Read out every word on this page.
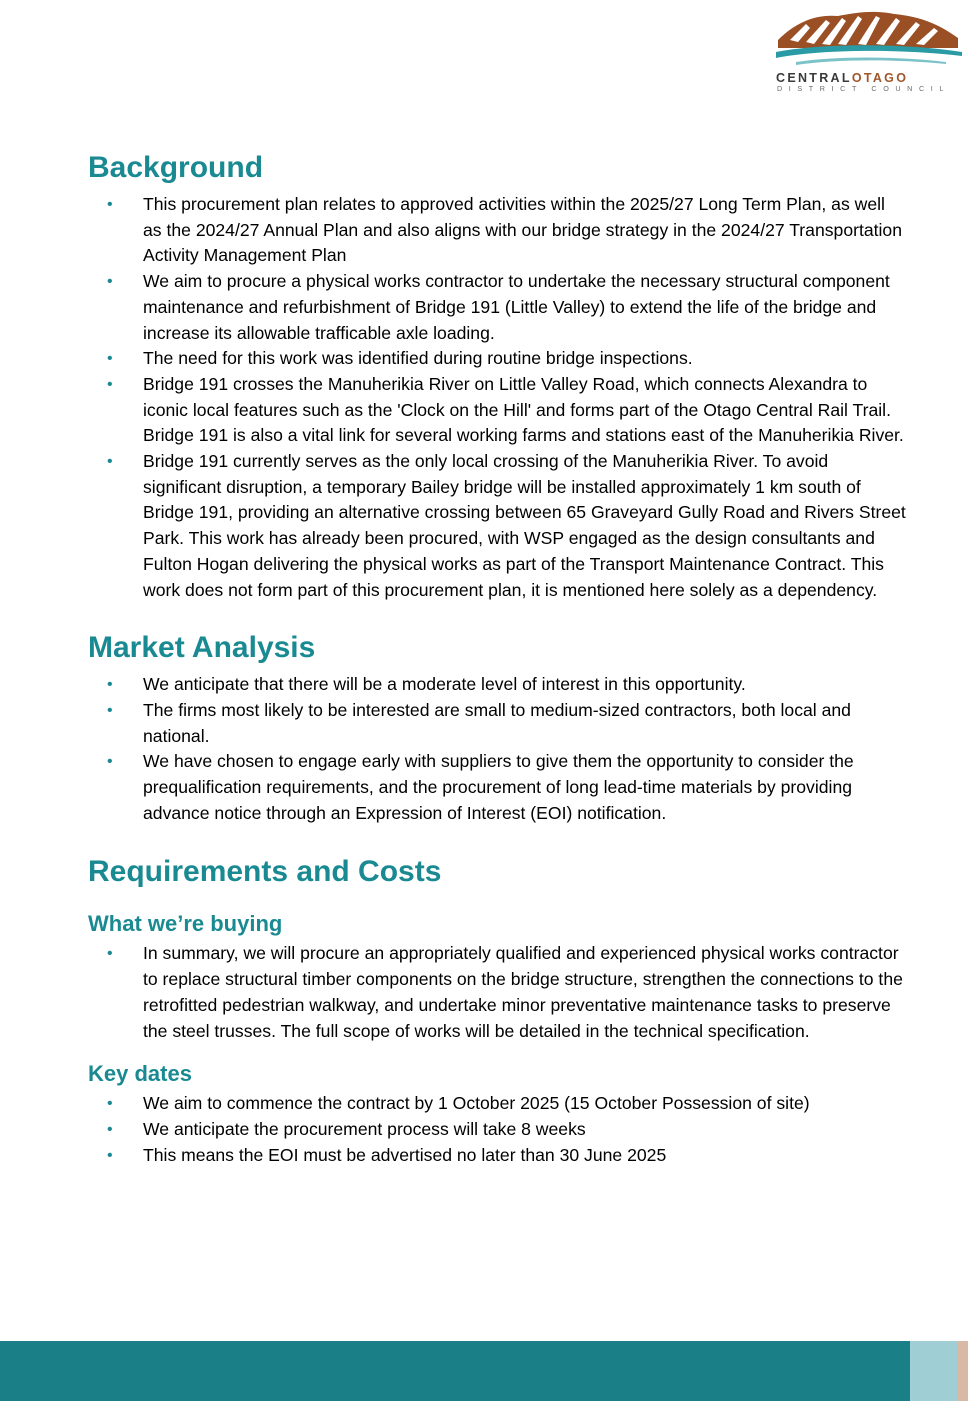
CENTRALOTAGO
DISTRICT COUNCIL
Background
• This procurement plan relates to approved activities within the 2025/27 Long Term Plan, as well as the 2024/27 Annual Plan and also aligns with our bridge strategy in the 2024/27 Transportation Activity Management Plan
• We aim to procure a physical works contractor to undertake the necessary structural component maintenance and refurbishment of Bridge 191 (Little Valley) to extend the life of the bridge and increase its allowable trafficable axle loading.
• The need for this work was identified during routine bridge inspections.
• Bridge 191 crosses the Manuherikia River on Little Valley Road, which connects Alexandra to iconic local features such as the 'Clock on the Hill' and forms part of the Otago Central Rail Trail. Bridge 191 is also a vital link for several working farms and stations east of the Manuherikia River.
• Bridge 191 currently serves as the only local crossing of the Manuherikia River. To avoid significant disruption, a temporary Bailey bridge will be installed approximately 1 km south of Bridge 191, providing an alternative crossing between 65 Graveyard Gully Road and Rivers Street Park. This work has already been procured, with WSP engaged as the design consultants and Fulton Hogan delivering the physical works as part of the Transport Maintenance Contract. This work does not form part of this procurement plan, it is mentioned here solely as a dependency.
Market Analysis
• We anticipate that there will be a moderate level of interest in this opportunity.
• The firms most likely to be interested are small to medium-sized contractors, both local and national.
• We have chosen to engage early with suppliers to give them the opportunity to consider the prequalification requirements, and the procurement of long lead-time materials by providing advance notice through an Expression of Interest (EOI) notification.
Requirements and Costs
What we’re buying
• In summary, we will procure an appropriately qualified and experienced physical works contractor to replace structural timber components on the bridge structure, strengthen the connections to the retrofitted pedestrian walkway, and undertake minor preventative maintenance tasks to preserve the steel trusses. The full scope of works will be detailed in the technical specification.
Key dates
• We aim to commence the contract by 1 October 2025 (15 October Possession of site)
• We anticipate the procurement process will take 8 weeks
• This means the EOI must be advertised no later than 30 June 2025
